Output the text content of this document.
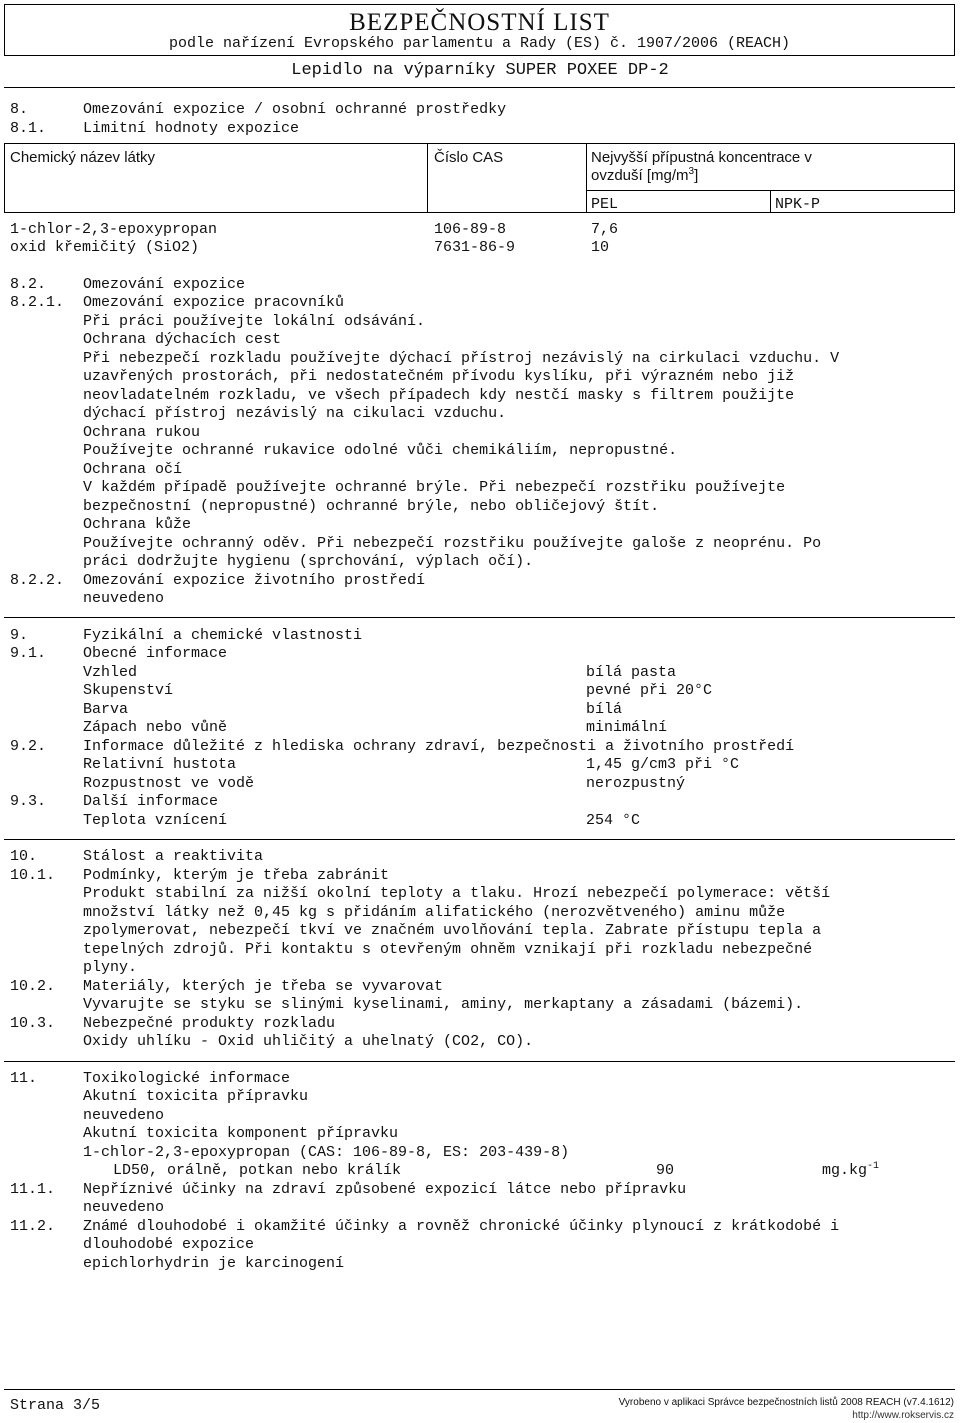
BEZPEČNOSTNÍ LIST
podle nařízení Evropského parlamentu a Rady (ES) č. 1907/2006 (REACH)
Lepidlo na výparníky SUPER POXEE DP-2
8.	Omezování expozice / osobní ochranné prostředky
8.1. Limitní hodnoty expozice
Chemický název látky	Číslo CAS	Nejvyšší přípustná koncentrace v
ovzduší $[mg/m^3]$
PEL	NPK-P
1-chlor-2,3-epoxypropan	106-89-8	7,6
oxid křemičitý (SiO2)	7631-86-9	10
8.2. Omezování expozice
8.2.1. Omezování expozice pracovníků
Při práci používejte lokální odsávání.
Ochrana dýchacích cest
Při nebezpečí rozkladu používejte dýchací přístroj nezávislý na cirkulaci vzduchu. V
uzavřených prostorách, při nedostatečném přívodu kyslíku, při výrazném nebo již
neovladatelném rozkladu, ve všech případech kdy nestčí masky s filtrem použijte
dýchací přístroj nezávislý na cikulaci vzduchu.
Ochrana rukou
Používejte ochranné rukavice odolné vůči chemikáliím, nepropustné.
Ochrana očí
V každém případě používejte ochranné brýle. Při nebezpečí rozstřiku používejte
bezpečnostní (nepropustné) ochranné brýle, nebo obličejový štít.
Ochrana kůže
Používejte ochranný oděv. Při nebezpečí rozstřiku používejte galoše z neoprénu. Po
práci dodržujte hygienu (sprchování, výplach očí).
8.2.2. Omezování expozice životního prostředí
neuvedeno
9.	Fyzikální a chemické vlastnosti
9.1. Obecné informace
Vzhled	bílá pasta
Skupenství	pevné při 20°C
Barva	bílá
Zápach nebo vůně	minimální
9.2. Informace důležité z hlediska ochrany zdraví, bezpečnosti a životního prostředí
Relativní hustota	1,45 g/cm3 při °C
Rozpustnost ve vodě	nerozpustný
9.3. Další informace
Teplota vznícení	254 °C
10.	Stálost a reaktivita
10.1. Podmínky, kterým je třeba zabránit
Produkt stabilní za nižší okolní teploty a tlaku. Hrozí nebezpečí polymerace: větší
množství látky než 0,45 kg s přidáním alifatického (nerozvětveného) aminu může
zpolymerovat, nebezpečí tkví ve značném uvolňování tepla. Zabrate přístupu tepla a
tepelných zdrojů. Při kontaktu s otevřeným ohněm vznikají při rozkladu nebezpečné
plyny.
10.2. Materiály, kterých je třeba se vyvarovat
Vyvarujte se styku se slinými kyselinami, aminy, merkaptany a zásadami (bázemi).
10.3. Nebezpečné produkty rozkladu
Oxidy uhlíku - Oxid uhličitý a uhelnatý (CO2, CO).
11.	Toxikologické informace
Akutní toxicita přípravku
neuvedeno
Akutní toxicita komponent přípravku
1-chlor-2,3-epoxypropan (CAS: 106-89-8, ES: 203-439-8)
LD50, orálně, potkan nebo králík	90	$mg.kg^{-1}$
11.1. Nepříznivé účinky na zdraví způsobené expozicí látce nebo přípravku
neuvedeno
11.2. Známé dlouhodobé i okamžité účinky a rovněž chronické účinky plynoucí z krátkodobé i
dlouhodobé expozice
epichlorhydrin je karcinogení
Strana 3/5	Vyrobeno v aplikaci Správce bezpečnostních listů 2008 REACH (v7.4.1612)
http://www.rokservis.cz
